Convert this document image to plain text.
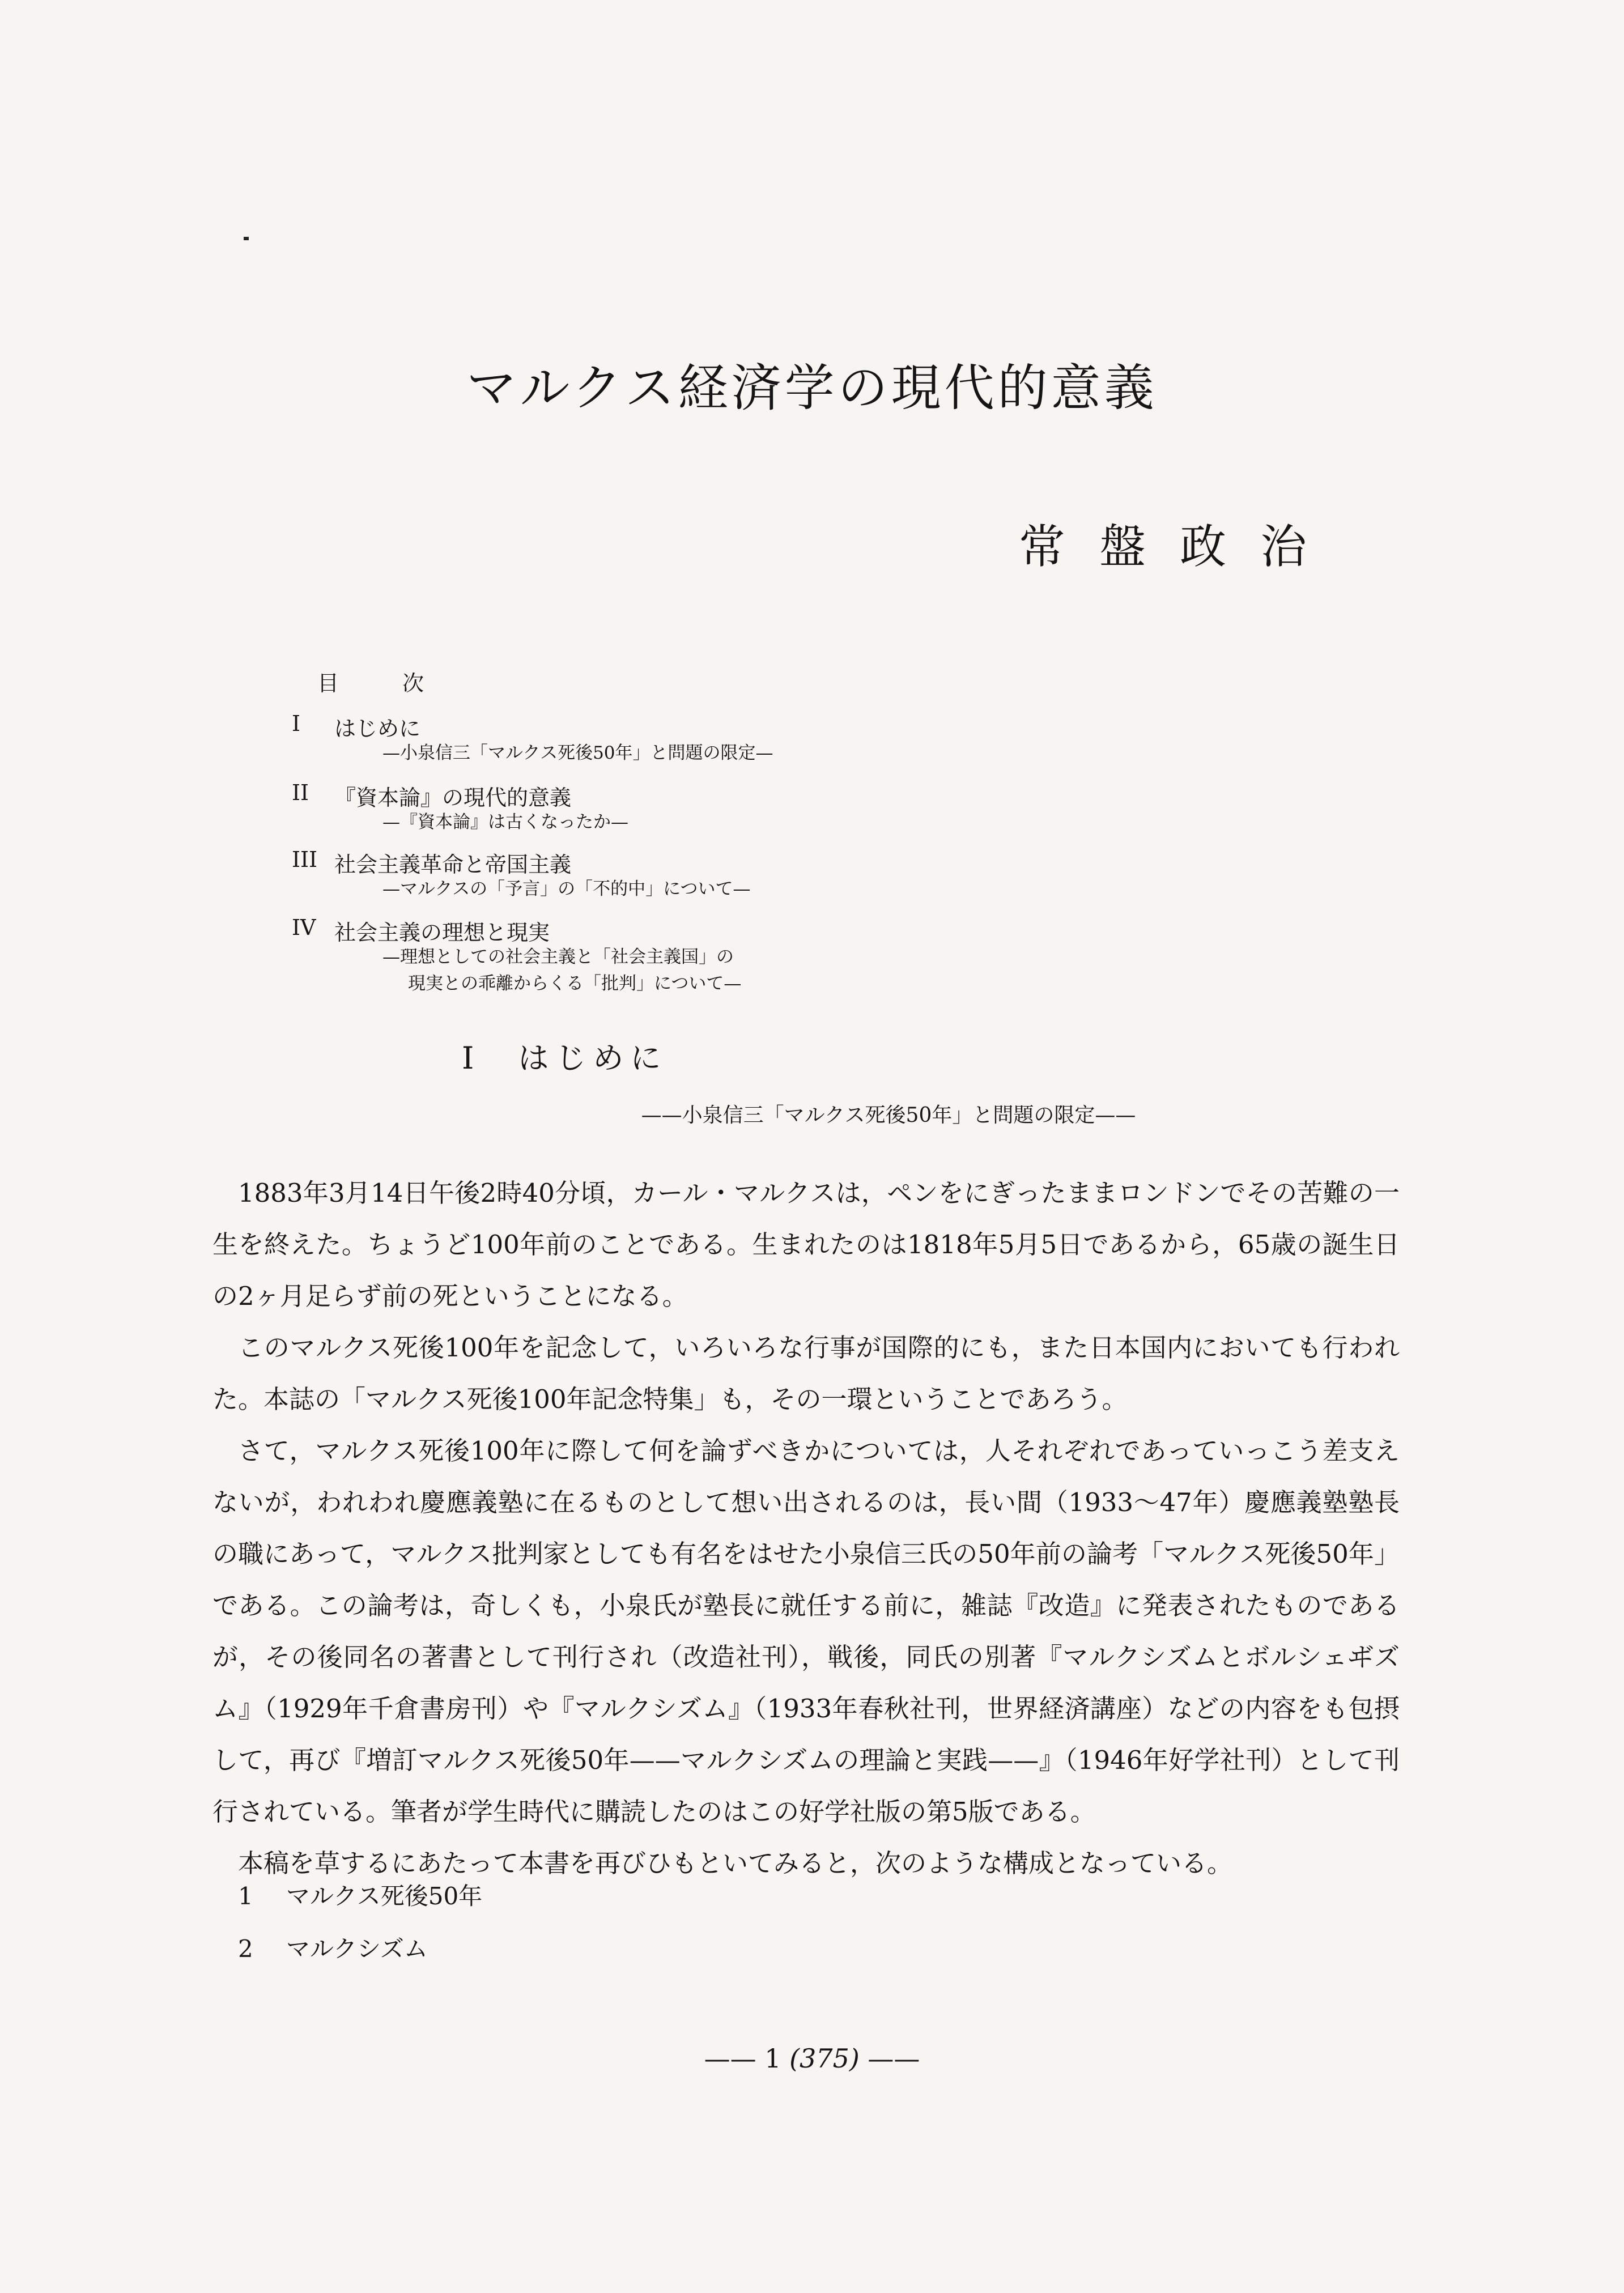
マルクス経済学の現代的意義
常盤政治
目次
I	はじめに
—小泉信三「マルクス死後50年」と問題の限定—
II	『資本論』の現代的意義
—『資本論』は古くなったか—
III 社会主義革命と帝国主義
—マルクスの「予言」の「不的中」について—
IV 社会主義の理想と現実
—理想としての社会主義と「社会主義国」の
現実との乖離からくる「批判」について—
I　はじめに
——小泉信三「マルクス死後50年」と問題の限定——

1883年3月14日午後2時40分頃，カール・マルクスは，ペンをにぎったままロンドンでその苦難の一生を終えた。ちょうど100年前のことである。生まれたのは1818年5月5日であるから，65歳の誕生日の2ヶ月足らず前の死ということになる。

このマルクス死後100年を記念して，いろいろな行事が国際的にも，また日本国内においても行われた。本誌の「マルクス死後100年記念特集」も，その一環ということであろう。

さて，マルクス死後100年に際して何を論ずべきかについては，人それぞれであっていっこう差支えないが，われわれ慶應義塾に在るものとして想い出されるのは，長い間（1933〜47年）慶應義塾塾長の職にあって，マルクス批判家としても有名をはせた小泉信三氏の50年前の論考「マルクス死後50年」である。この論考は，奇しくも，小泉氏が塾長に就任する前に，雑誌『改造』に発表されたものであるが，その後同名の著書として刊行され（改造社刊），戦後，同氏の別著『マルクシズムとボルシェヸズム』（1929年千倉書房刊）や『マルクシズム』（1933年春秋社刊，世界経済講座）などの内容をも包摂して，再び『増訂マルクス死後50年——マルクシズムの理論と実践——』（1946年好学社刊）として刊行されている。筆者が学生時代に購読したのはこの好学社版の第5版である。

本稿を草するにあたって本書を再びひもといてみると，次のような構成となっている。

1 マルクス死後50年
2 マルクシズム
—— 1 (375) ——
